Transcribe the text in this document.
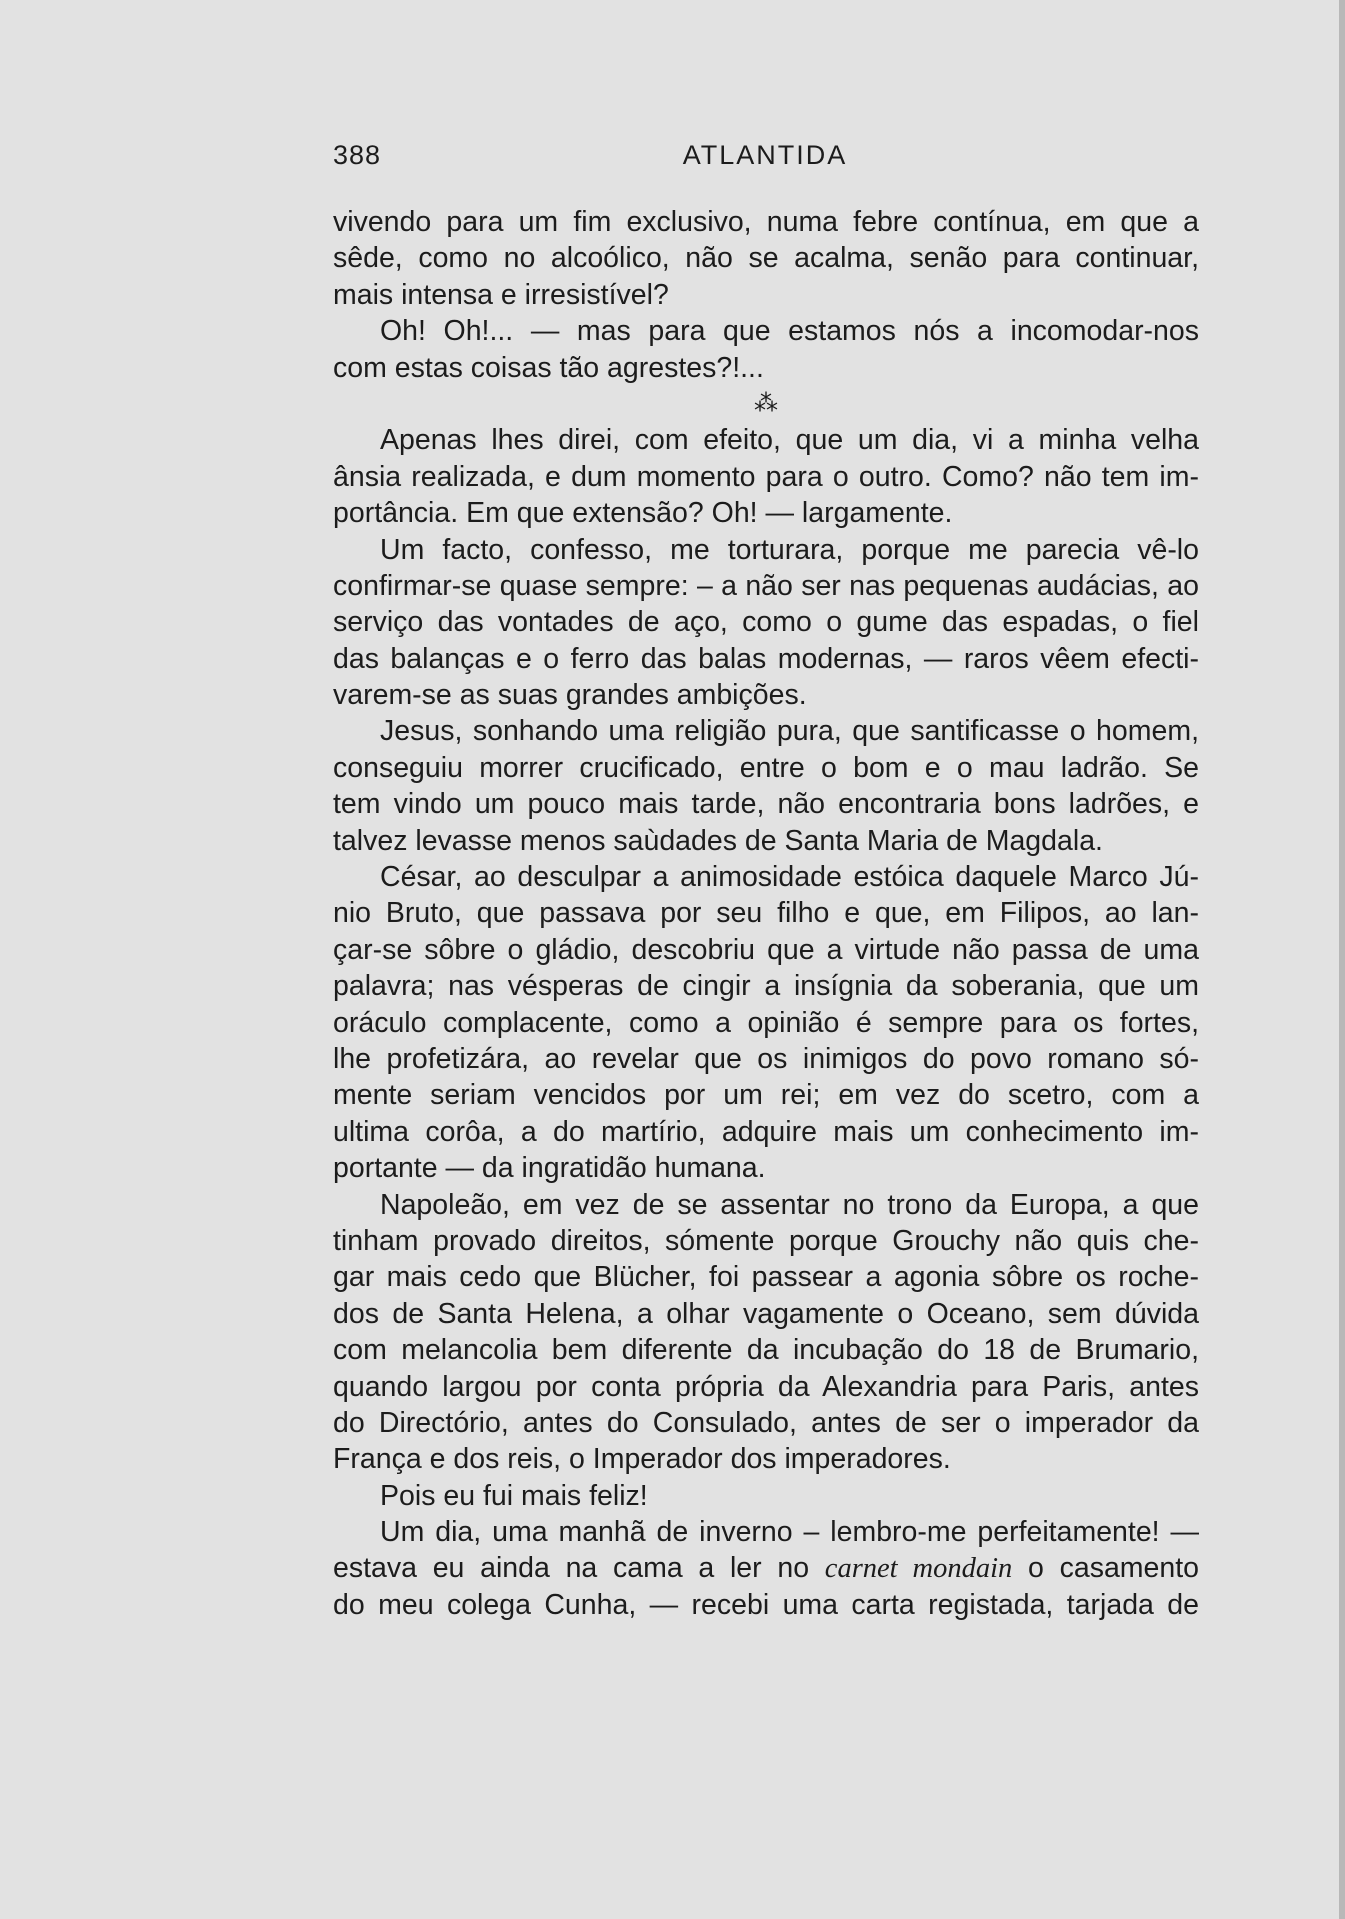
388	ATLANTIDA
vivendo para um fim exclusivo, numa febre contínua, em que a
sêde, como no alcoólico, não se acalma, senão para continuar,
mais intensa e irresistível?
Oh! Oh!... — mas para que estamos nós a incomodar-nos
com estas coisas tão agrestes?!...
⁂
Apenas lhes direi, com efeito, que um dia, vi a minha velha
ânsia realizada, e dum momento para o outro. Como? não tem im-
portância. Em que extensão? Oh! — largamente.
Um facto, confesso, me torturara, porque me parecia vê-lo
confirmar-se quase sempre: – a não ser nas pequenas audácias, ao
serviço das vontades de aço, como o gume das espadas, o fiel
das balanças e o ferro das balas modernas, — raros vêem efecti-
varem-se as suas grandes ambições.
Jesus, sonhando uma religião pura, que santificasse o homem,
conseguiu morrer crucificado, entre o bom e o mau ladrão. Se
tem vindo um pouco mais tarde, não encontraria bons ladrões, e
talvez levasse menos saùdades de Santa Maria de Magdala.
César, ao desculpar a animosidade estóica daquele Marco Jú-
nio Bruto, que passava por seu filho e que, em Filipos, ao lan-
çar-se sôbre o gládio, descobriu que a virtude não passa de uma
palavra; nas vésperas de cingir a insígnia da soberania, que um
oráculo complacente, como a opinião é sempre para os fortes,
lhe profetizára, ao revelar que os inimigos do povo romano só-
mente seriam vencidos por um rei; em vez do scetro, com a
ultima corôa, a do martírio, adquire mais um conhecimento im-
portante — da ingratidão humana.
Napoleão, em vez de se assentar no trono da Europa, a que
tinham provado direitos, sómente porque Grouchy não quis che-
gar mais cedo que Blücher, foi passear a agonia sôbre os roche-
dos de Santa Helena, a olhar vagamente o Oceano, sem dúvida
com melancolia bem diferente da incubação do 18 de Brumario,
quando largou por conta própria da Alexandria para Paris, antes
do Directório, antes do Consulado, antes de ser o imperador da
França e dos reis, o Imperador dos imperadores.
Pois eu fui mais feliz!
Um dia, uma manhã de inverno – lembro-me perfeitamente! —
estava eu ainda na cama a ler no carnet mondain o casamento
do meu colega Cunha, — recebi uma carta registada, tarjada de
